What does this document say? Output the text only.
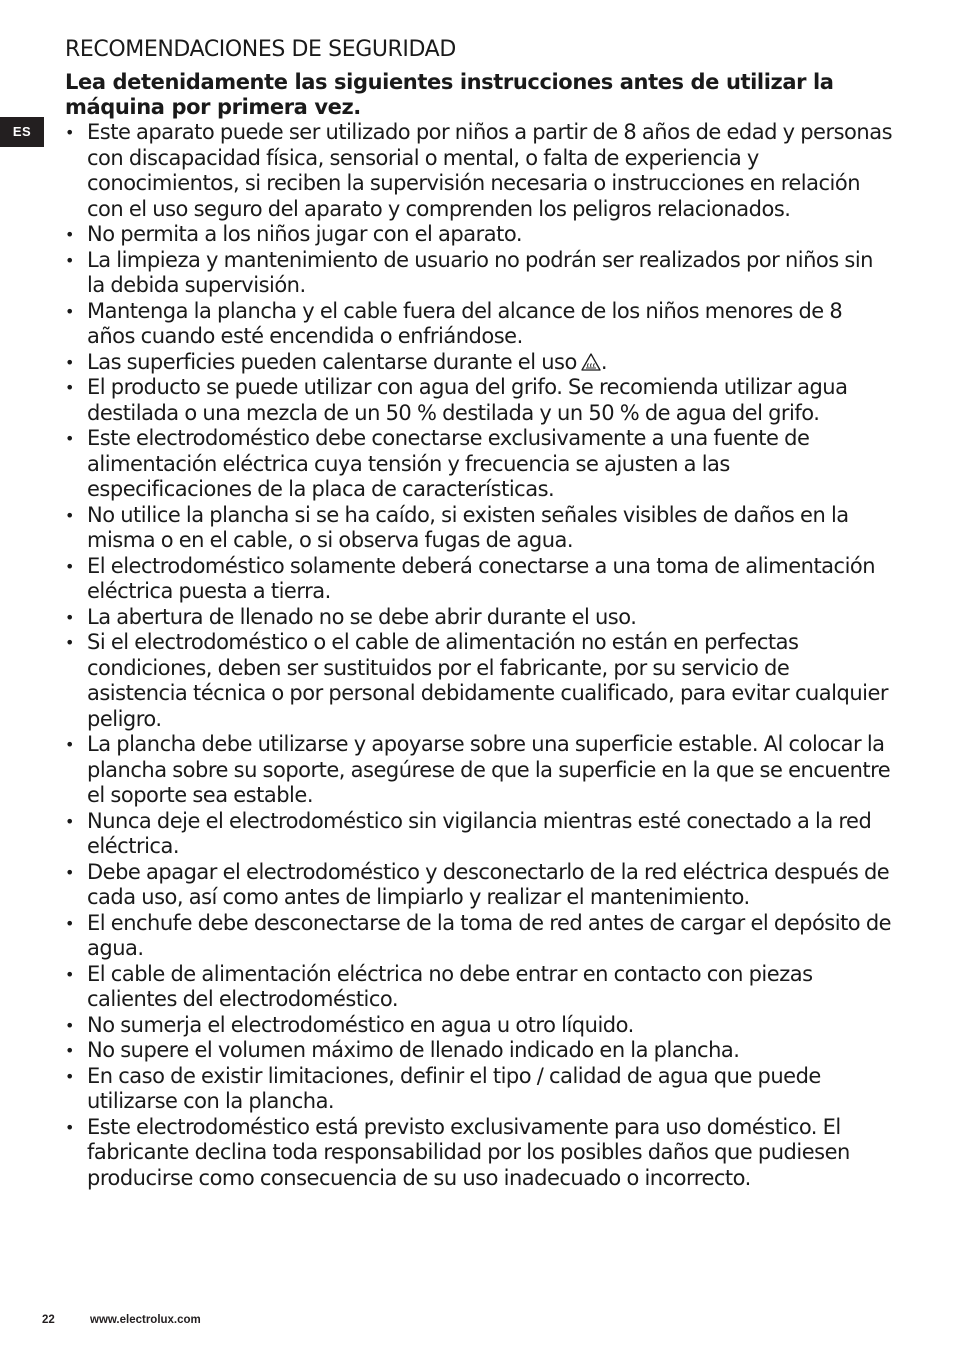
ES
RECOMENDACIONES DE SEGURIDAD

Lea detenidamente las siguientes instrucciones antes de utilizar la máquina por primera vez.

• Este aparato puede ser utilizado por niños a partir de 8 años de edad y personas con discapacidad física, sensorial o mental, o falta de experiencia y conocimientos, si reciben la supervisión necesaria o instrucciones en relación con el uso seguro del aparato y comprenden los peligros relacionados.
• No permita a los niños jugar con el aparato.
• La limpieza y mantenimiento de usuario no podrán ser realizados por niños sin la debida supervisión.
• Mantenga la plancha y el cable fuera del alcance de los niños menores de 8 años cuando esté encendida o enfriándose.
• Las superficies pueden calentarse durante el uso .
• El producto se puede utilizar con agua del grifo. Se recomienda utilizar agua destilada o una mezcla de un 50 % destilada y un 50 % de agua del grifo.
• Este electrodoméstico debe conectarse exclusivamente a una fuente de alimentación eléctrica cuya tensión y frecuencia se ajusten a las especificaciones de la placa de características.
• No utilice la plancha si se ha caído, si existen señales visibles de daños en la misma o en el cable, o si observa fugas de agua.
• El electrodoméstico solamente deberá conectarse a una toma de alimentación eléctrica puesta a tierra.
• La abertura de llenado no se debe abrir durante el uso.
• Si el electrodoméstico o el cable de alimentación no están en perfectas condiciones, deben ser sustituidos por el fabricante, por su servicio de asistencia técnica o por personal debidamente cualificado, para evitar cualquier peligro.
• La plancha debe utilizarse y apoyarse sobre una superficie estable. Al colocar la plancha sobre su soporte, asegúrese de que la superficie en la que se encuentre el soporte sea estable.
• Nunca deje el electrodoméstico sin vigilancia mientras esté conectado a la red eléctrica.
• Debe apagar el electrodoméstico y desconectarlo de la red eléctrica después de cada uso, así como antes de limpiarlo y realizar el mantenimiento.
• El enchufe debe desconectarse de la toma de red antes de cargar el depósito de agua.
• El cable de alimentación eléctrica no debe entrar en contacto con piezas calientes del electrodoméstico.
• No sumerja el electrodoméstico en agua u otro líquido.
• No supere el volumen máximo de llenado indicado en la plancha.
• En caso de existir limitaciones, definir el tipo / calidad de agua que puede utilizarse con la plancha.
• Este electrodoméstico está previsto exclusivamente para uso doméstico. El fabricante declina toda responsabilidad por los posibles daños que pudiesen producirse como consecuencia de su uso inadecuado o incorrecto.
22	www.electrolux.com
